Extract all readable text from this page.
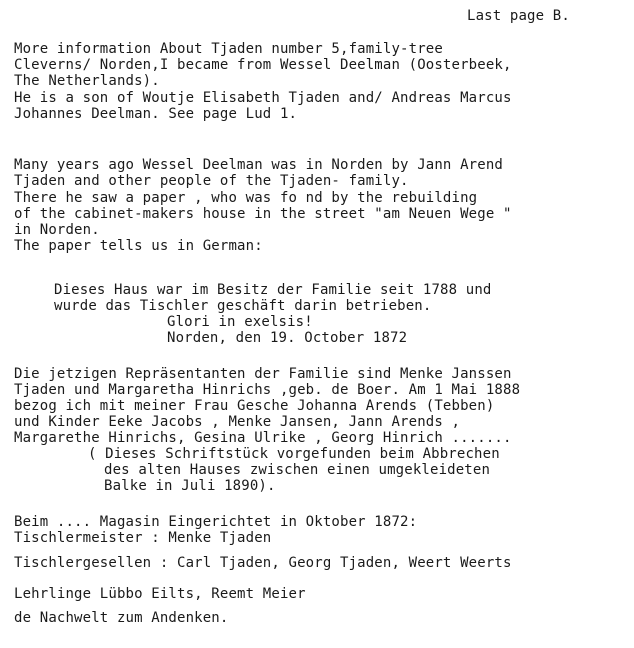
Last page B.
More information About Tjaden number 5,family-tree
Clеverns/ Norden,I became from Wessel Deelman (Oosterbeek,
The Netherlands).
He is a son of Woutje Elisabeth Tjaden and/ Andreas Marcus
Johannes Deelman. See page Lud 1.
Many years ago Wessel Deelman was in Norden by Jann Arend
Tjaden and other people of the Tjaden- family.
There he saw a paper , who was fo nd by the rebuilding
of the cabinet-makers house in the street "am Neuen Wege "
in Norden.
The paper tells us in German:
Dieses Haus war im Besitz der Familie seit 1788 und
wurde das Tischler geschäft darin betrieben.
Glori in exelsis!
Norden, den 19. October 1872
Die jetzigen Repräsentanten der Familie sind Menke Janssen
Tjaden und Margaretha Hinrichs ,geb. de Boer. Am 1 Mai 1888
bezog ich mit meiner Frau Gesche Johanna Arends (Tebben)
und Kinder Eeke Jacobs , Menke Jansen, Jann Arends ,
Margarethe Hinrichs, Gesina Ulrike , Georg Hinrich .......
( Dieses Schriftstück vorgefunden beim Abbrechen
des alten Hauses zwischen einen umgekleideten
Balke in Juli 1890).
Beim .... Magasin Eingerichtet in Oktober 1872:
Tischlermeister : Menke Tjaden
Tischlergesellen : Carl Tjaden, Georg Tjaden, Weert Weerts
Lehrlinge Lübbo Eilts, Reemt Meier
de Nachwelt zum Andenken.
